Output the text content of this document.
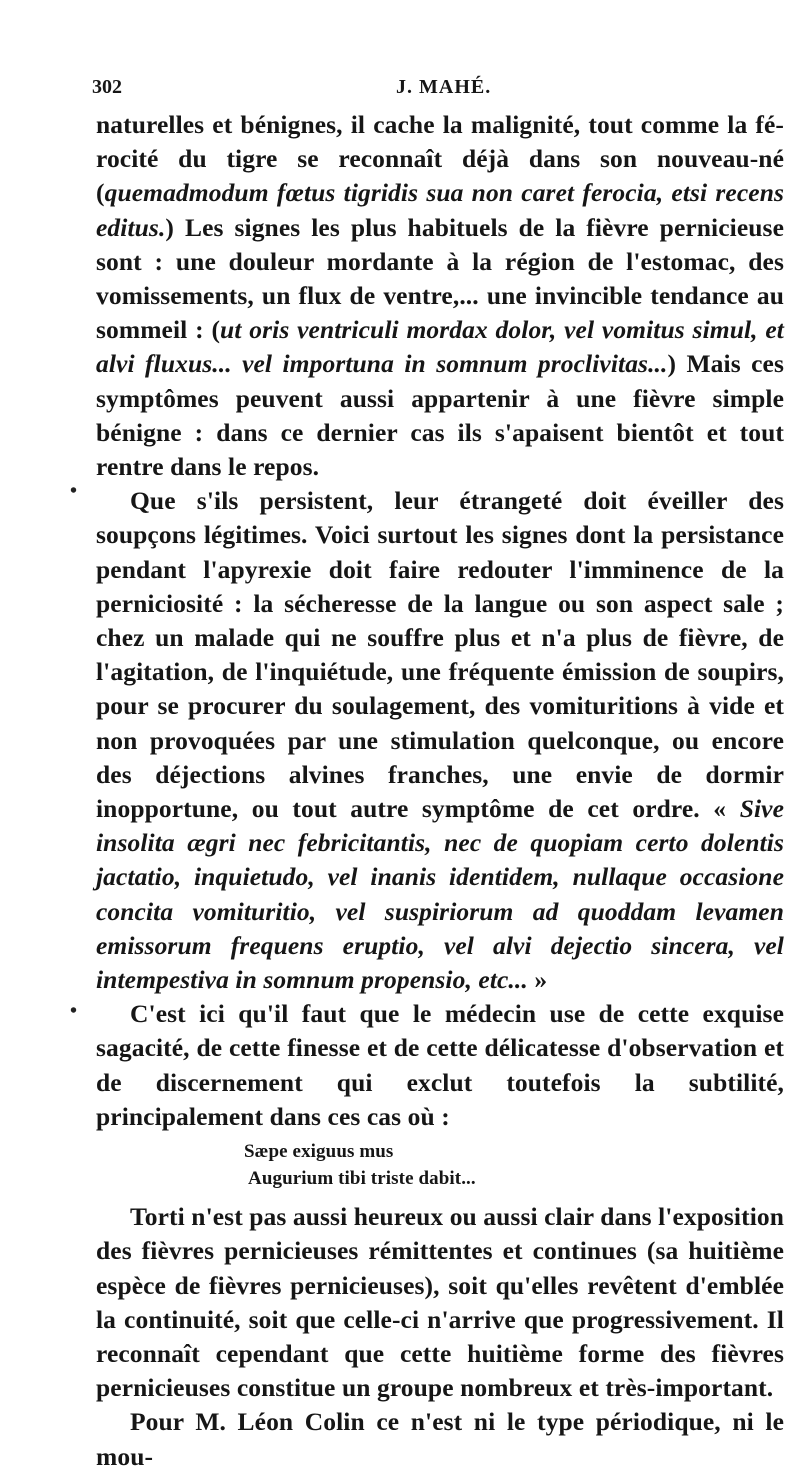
302	J. MAHÉ.
•
•

naturelles et bénignes, il cache la malignité, tout comme la fé-rocité du tigre se reconnaît déjà dans son nouveau-né (quemadmodum fœtus tigridis sua non caret ferocia, etsi recens editus.) Les signes les plus habituels de la fièvre pernicieuse sont : une douleur mordante à la région de l'estomac, des vomissements, un flux de ventre,... une invincible tendance au sommeil : (ut oris ventriculi mordax dolor, vel vomitus simul, et alvi fluxus... vel importuna in somnum proclivitas...) Mais ces symptômes peuvent aussi appartenir à une fièvre simple bénigne : dans ce dernier cas ils s'apaisent bientôt et tout rentre dans le repos.

Que s'ils persistent, leur étrangeté doit éveiller des soupçons légitimes. Voici surtout les signes dont la persistance pendant l'apyrexie doit faire redouter l'imminence de la perniciosité : la sécheresse de la langue ou son aspect sale ; chez un malade qui ne souffre plus et n'a plus de fièvre, de l'agitation, de l'inquiétude, une fréquente émission de soupirs, pour se procurer du soulagement, des vomituritions à vide et non provoquées par une stimulation quelconque, ou encore des déjections alvines franches, une envie de dormir inopportune, ou tout autre symptôme de cet ordre. « Sive insolita ægri nec febricitantis, nec de quopiam certo dolentis jactatio, inquietudo, vel inanis identidem, nullaque occasione concita vomituritio, vel suspiriorum ad quoddam levamen emissorum frequens eruptio, vel alvi dejectio sincera, vel intempestiva in somnum propensio, etc... »

C'est ici qu'il faut que le médecin use de cette exquise sagacité, de cette finesse et de cette délicatesse d'observation et de discernement qui exclut toutefois la subtilité, principalement dans ces cas où :

Sæpe exiguus mus
Augurium tibi triste dabit...

Torti n'est pas aussi heureux ou aussi clair dans l'exposition des fièvres pernicieuses rémittentes et continues (sa huitième espèce de fièvres pernicieuses), soit qu'elles revêtent d'emblée la continuité, soit que celle-ci n'arrive que progressivement. Il reconnaît cependant que cette huitième forme des fièvres pernicieuses constitue un groupe nombreux et très-important.

Pour M. Léon Colin ce n'est ni le type périodique, ni le mou-
